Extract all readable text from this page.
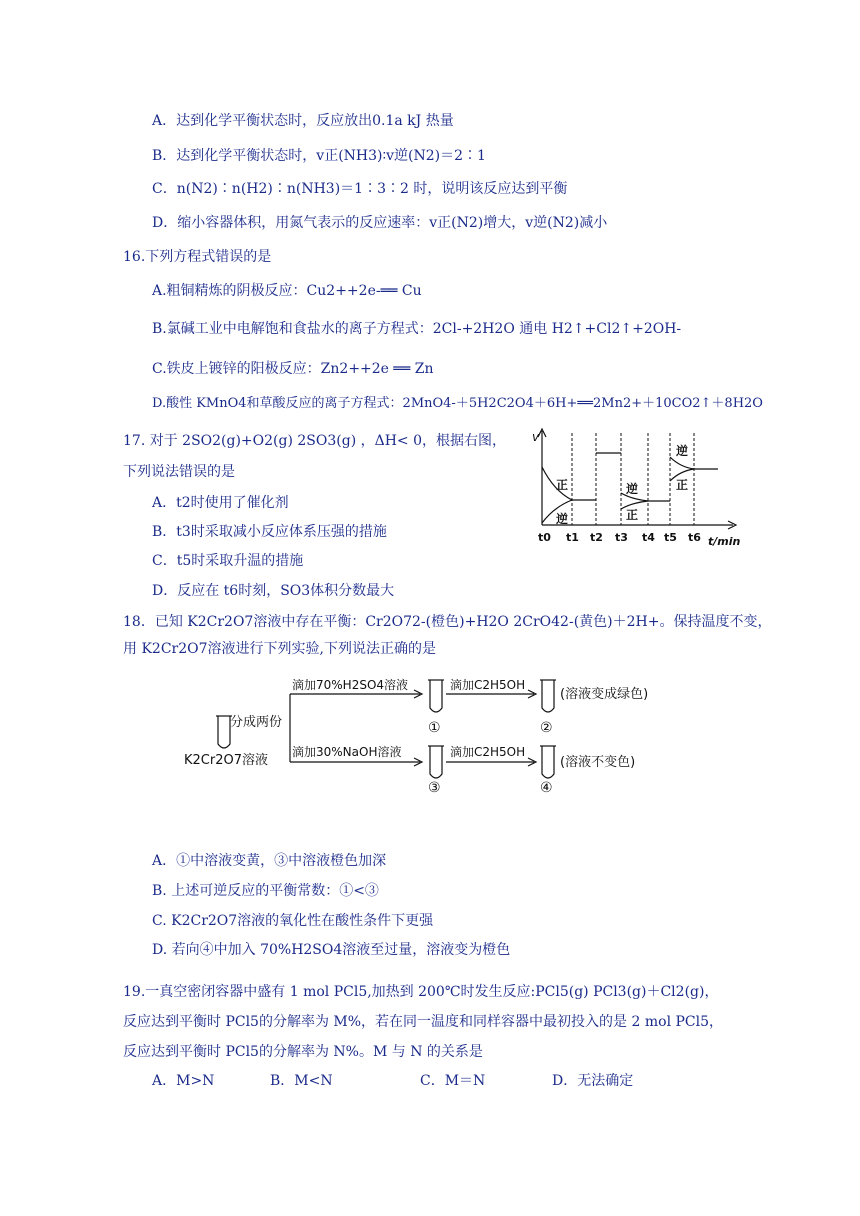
A．达到化学平衡状态时，反应放出0.1a kJ 热量
B．达到化学平衡状态时，v正(NH3)∶v逆(N2)＝2∶1
C．n(N2)∶n(H2)∶n(NH3)＝1∶3∶2 时，说明该反应达到平衡
D．缩小容器体积，用氮气表示的反应速率：v正(N2)增大，v逆(N2)减小
16.下列方程式错误的是
A.粗铜精炼的阴极反应：Cu2++2e-══ Cu
B.氯碱工业中电解饱和食盐水的离子方程式：2Cl-+2H2O 通电 H2↑+Cl2↑+2OH-
C.铁皮上镀锌的阳极反应：Zn2++2e ══ Zn
D.酸性 KMnO4和草酸反应的离子方程式：2MnO4-＋5H2C2O4＋6H+══2Mn2+＋10CO2↑＋8H2O
17. 对于 2SO2(g)+O2(g) 2SO3(g) ，ΔH< 0，根据右图，
下列说法错误的是
A．t2时使用了催化剂
B．t3时采取减小反应体系压强的措施
C．t5时采取升温的措施
D．反应在 t6时刻，SO3体积分数最大
v
t/min
t0 t1 t2 t3 t4 t5 t6
正
逆
逆
正
逆
正
18．已知 K2Cr2O7溶液中存在平衡：Cr2O72-(橙色)+H2O 2CrO42-(黄色)＋2H+。保持温度不变，
用 K2Cr2O7溶液进行下列实验,下列说法正确的是
K2Cr2O7溶液
分成两份
滴加70%H2SO4溶液
滴加30%NaOH溶液
滴加C2H5OH
滴加C2H5OH
①	②
③	④
(溶液变成绿色)
(溶液不变色)
A．①中溶液变黄，③中溶液橙色加深
B. 上述可逆反应的平衡常数：①<③
C. K2Cr2O7溶液的氧化性在酸性条件下更强
D. 若向④中加入 70%H2SO4溶液至过量，溶液变为橙色
19.一真空密闭容器中盛有 1 mol PCl5,加热到 200℃时发生反应:PCl5(g) PCl3(g)＋Cl2(g)，
反应达到平衡时 PCl5的分解率为 M%，若在同一温度和同样容器中最初投入的是 2 mol PCl5，
反应达到平衡时 PCl5的分解率为 N%。M 与 N 的关系是
A．M>N	B．M<N	C．M＝N	D．无法确定
